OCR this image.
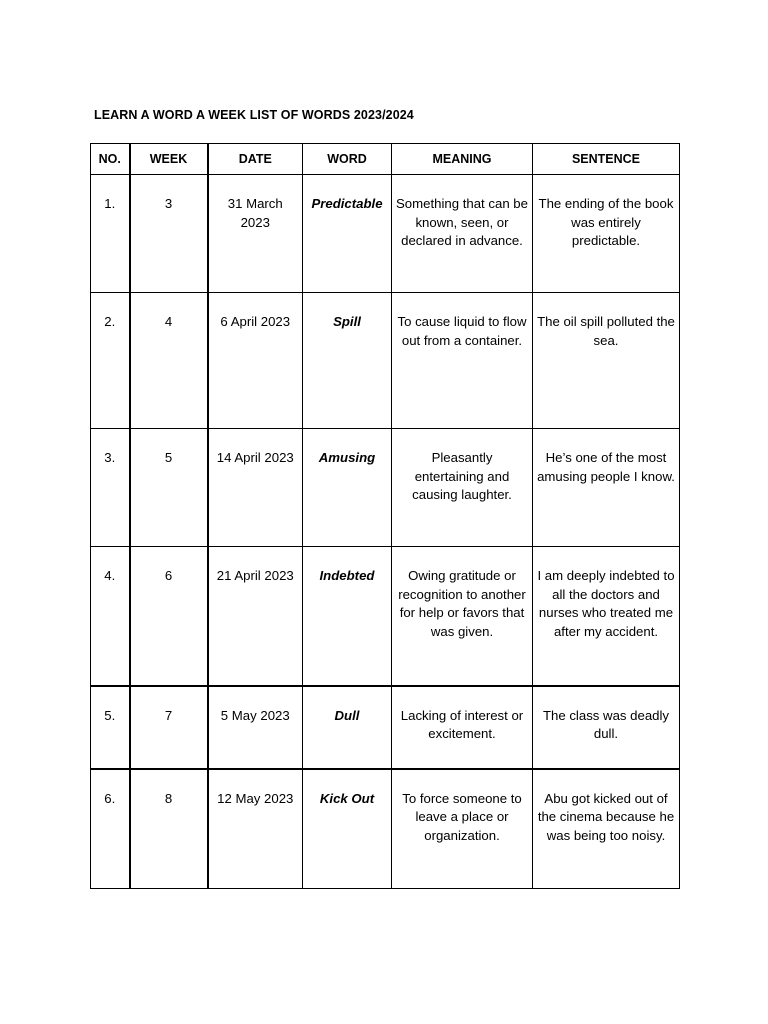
LEARN A WORD A WEEK LIST OF WORDS 2023/2024
NO.	WEEK	DATE	WORD	MEANING	SENTENCE
1.	3	31 March 2023	Predictable	Something that can be known, seen, or declared in advance.	The ending of the book was entirely predictable.
2.	4	6 April 2023	Spill	To cause liquid to flow out from a container.	The oil spill polluted the sea.
3.	5	14 April 2023	Amusing	Pleasantly entertaining and causing laughter.	He’s one of the most amusing people I know.
4.	6	21 April 2023	Indebted	Owing gratitude or recognition to another for help or favors that was given.	I am deeply indebted to all the doctors and nurses who treated me after my accident.
5.	7	5 May 2023	Dull	Lacking of interest or excitement.	The class was deadly dull.
6.	8	12 May 2023	Kick Out	To force someone to leave a place or organization.	Abu got kicked out of the cinema because he was being too noisy.
